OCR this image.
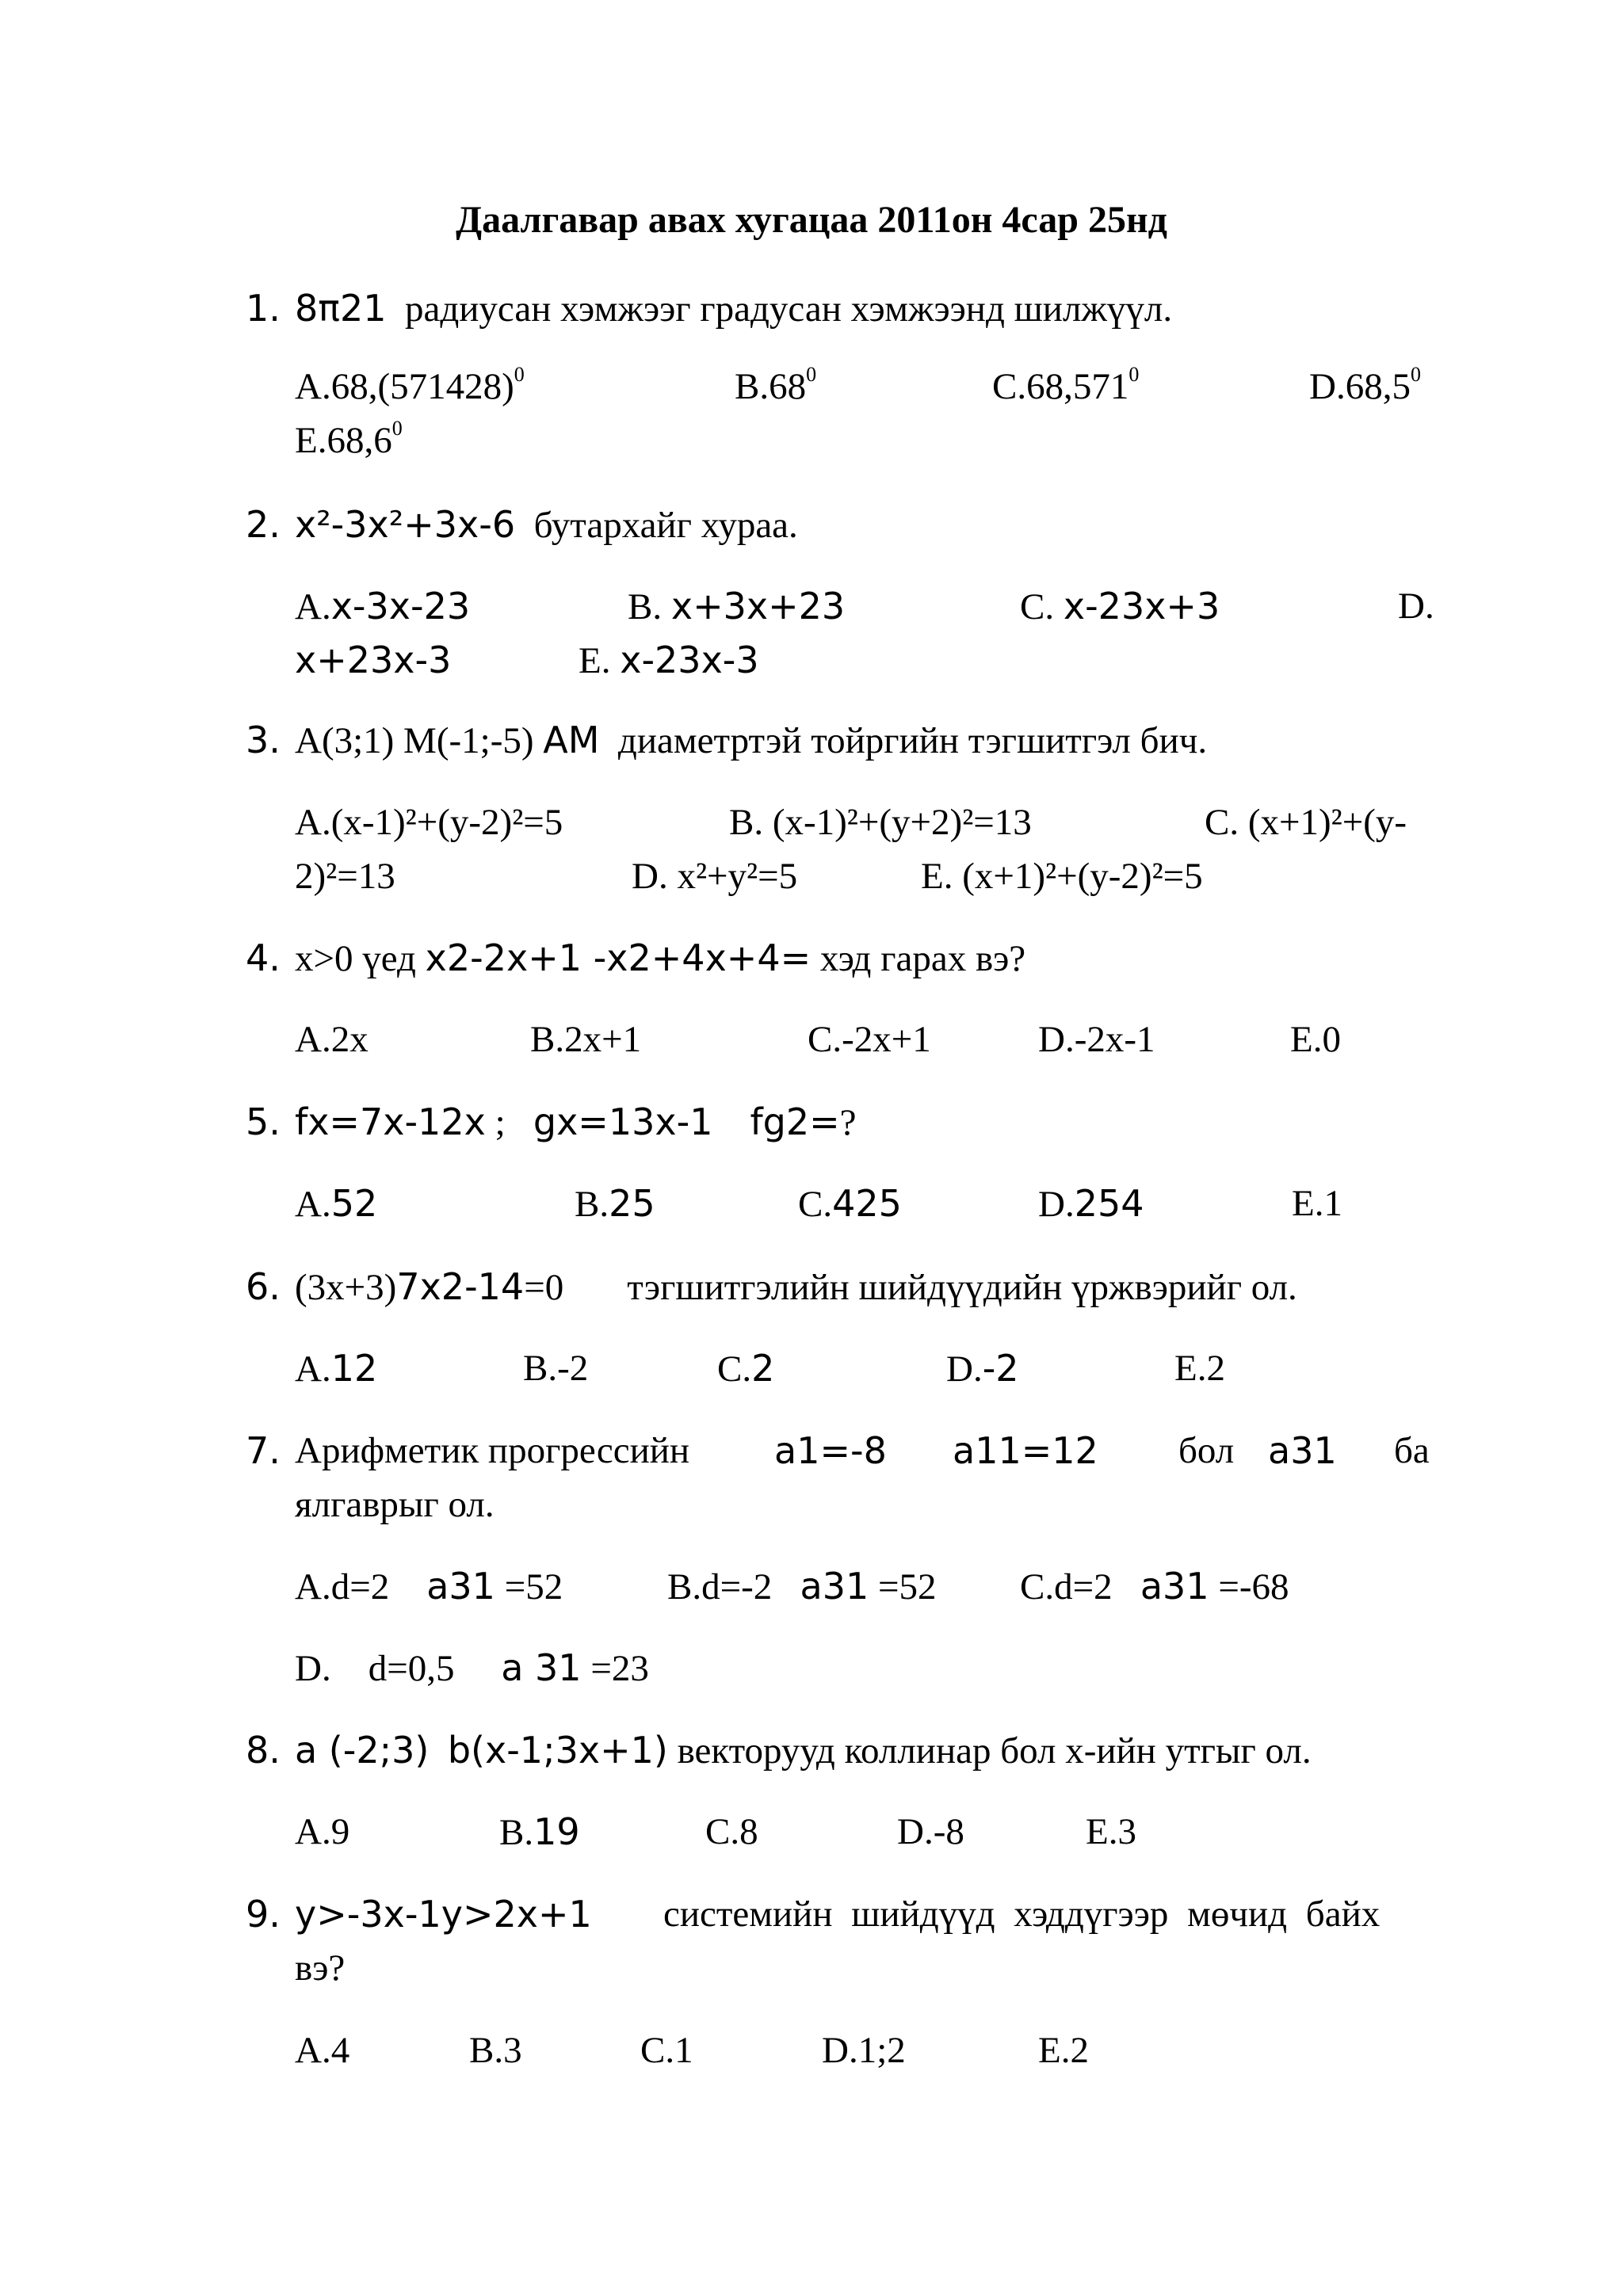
Даалгавар авах хугацаа 2011он 4сар 25нд
1. 8π21 радиусан хэмжээг градусан хэмжээнд шилжүүл.
$A.68,(571428)^0$	$B.68^0$	C.68,571$^0$	D.68,5$^0$
E.68,6$^0$
2. x²-3x²+3x-6 бутархайг хураа.
A.x-3x-23	B. x+3x+23	C. x-23x+3	D.
x+23x-3	E. x-23x-3
3. A(3;1) M(-1;-5) AM диаметртэй тойргийн тэгшитгэл бич.
A.(x-1)²+(y-2)²=5	B. (x-1)²+(y+2)²=13	C. (x+1)²+(y-
2)²=13	D. x²+y²=5	E. (x+1)²+(y-2)²=5
4. x>0 үед x2-2x+1 -x2+4x+4= хэд гарах вэ?
A.2x	B.2x+1	C.-2x+1	D.-2x-1	E.0
5. fx=7x-12x ; gx=13x-1 fg2=?
A.52	B.25	C.425	D.254	E.1
6. (3x+3)7x2-14=0 тэгшитгэлийн шийдүүдийн үржвэрийг ол.
A.12	B.-2	C.2	D.-2	E.2
7. Арифметик прогрессийн a1=-8 a11=12 бол a31 ба
ялгаврыг ол.
A.d=2 a31 =52	B.d=-2 a31 =52 C.d=2 a31 =-68
D. d=0,5 a 31 =23
8. a (-2;3) b(x-1;3x+1) векторууд коллинар бол x-ийн утгыг ол.
A.9	B.19	C.8	D.-8	E.3
9. y>-3x-1y>2x+1 системийн шийдүүд хэддүгээр мөчид байх
вэ?
A.4	B.3	C.1	D.1;2	E.2
